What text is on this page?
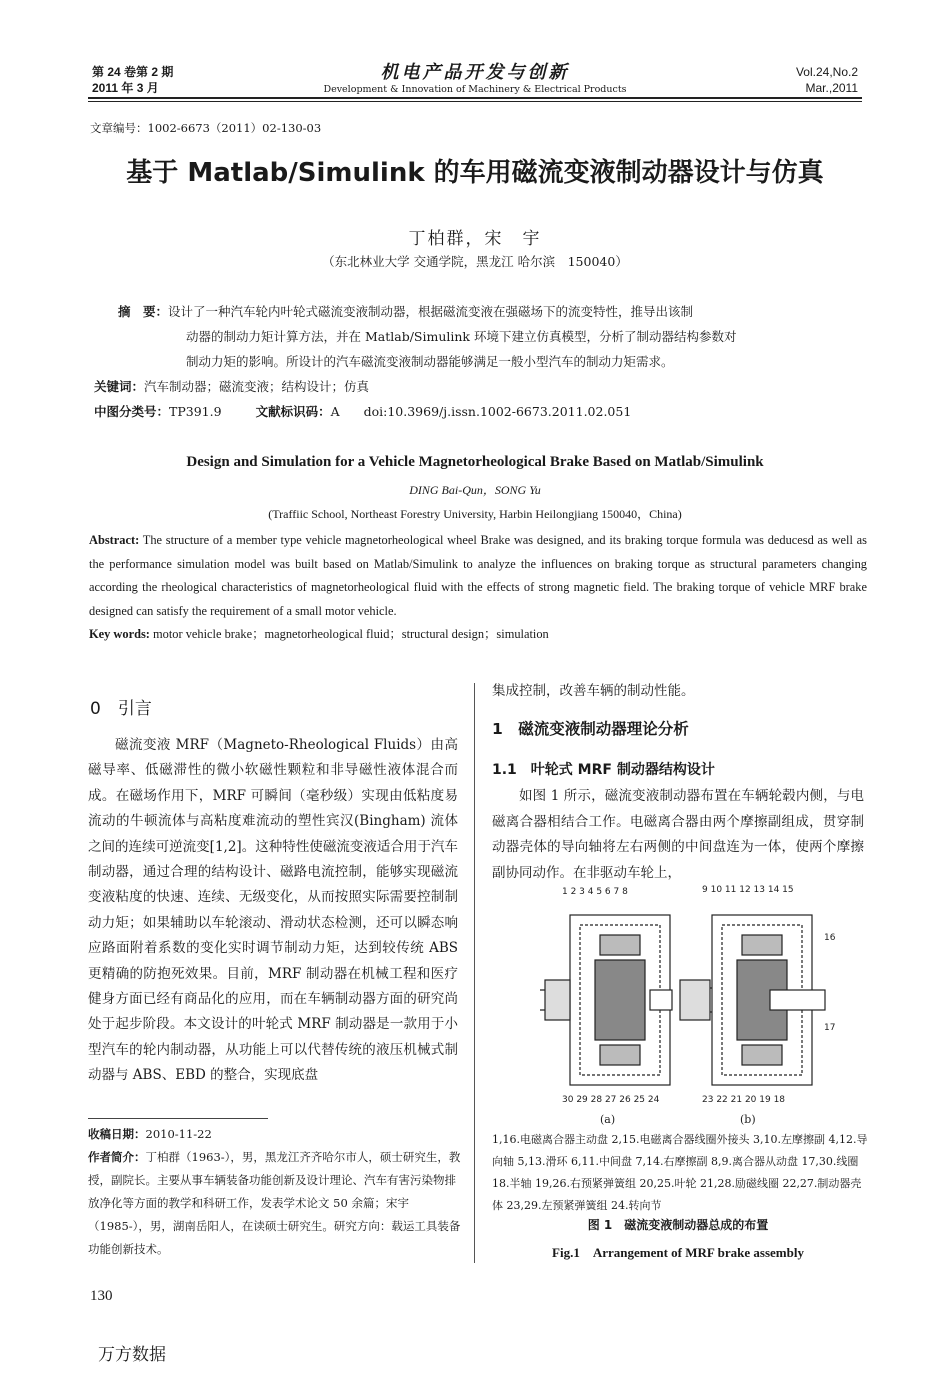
第 24 卷第 2 期
2011 年 3 月
机电产品开发与创新
Development & Innovation of Machinery & Electrical Products
Vol.24,No.2
Mar.,2011
文章编号：1002-6673（2011）02-130-03
基于 Matlab/Simulink 的车用磁流变液制动器设计与仿真
丁柏群，宋　宇
（东北林业大学 交通学院，黑龙江 哈尔滨　150040）

摘　要：设计了一种汽车轮内叶轮式磁流变液制动器，根据磁流变液在强磁场下的流变特性，推导出该制

动器的制动力矩计算方法，并在 Matlab/Simulink 环境下建立仿真模型，分析了制动器结构参数对

制动力矩的影响。所设计的汽车磁流变液制动器能够满足一般小型汽车的制动力矩需求。

关键词：汽车制动器；磁流变液；结构设计；仿真

中图分类号：TP391.9	文献标识码：A doi:10.3969/j.issn.1002-6673.2011.02.051

Design and Simulation for a Vehicle Magnetorheological Brake Based on Matlab/Simulink
DING Bai-Qun，SONG Yu
(Traffiic School, Northeast Forestry University, Harbin Heilongjiang 150040，China)

Abstract: The structure of a member type vehicle magnetorheological wheel Brake was designed, and its braking torque formula was deducesd as well as the performance simulation model was built based on Matlab/Simulink to analyze the influences on braking torque as structural parameters changing according the rheological characteristics of magnetorheological fluid with the effects of strong magnetic field. The braking torque of vehicle MRF brake designed can satisfy the requirement of a small motor vehicle.

Key words: motor vehicle brake；magnetorheological fluid；structural design；simulation

0　引言

磁流变液 MRF（Magneto-Rheological Fluids）由高磁导率、低磁滞性的微小软磁性颗粒和非导磁性液体混合而成。在磁场作用下，MRF 可瞬间（毫秒级）实现由低粘度易流动的牛顿流体与高粘度难流动的塑性宾汉(Bingham) 流体之间的连续可逆流变[1,2]。这种特性使磁流变液适合用于汽车制动器，通过合理的结构设计、磁路电流控制，能够实现磁流变液粘度的快速、连续、无级变化，从而按照实际需要控制制动力矩；如果辅助以车轮滚动、滑动状态检测，还可以瞬态响应路面附着系数的变化实时调节制动力矩，达到较传统 ABS 更精确的防抱死效果。目前，MRF 制动器在机械工程和医疗健身方面已经有商品化的应用，而在车辆制动器方面的研究尚处于起步阶段。本文设计的叶轮式 MRF 制动器是一款用于小型汽车的轮内制动器，从功能上可以代替传统的液压机械式制动器与 ABS、EBD 的整合，实现底盘

收稿日期：2010-11-22

作者简介：丁柏群（1963-），男，黑龙江齐齐哈尔市人，硕士研究生，教授，副院长。主要从事车辆装备功能创新及设计理论、汽车有害污染物排放净化等方面的教学和科研工作，发表学术论文 50 余篇；宋宇（1985-），男，湖南岳阳人，在读硕士研究生。研究方向：载运工具装备功能创新技术。

集成控制，改善车辆的制动性能。
1　磁流变液制动器理论分析
1.1　叶轮式 MRF 制动器结构设计

如图 1 所示，磁流变液制动器布置在车辆轮毂内侧，与电磁离合器相结合工作。电磁离合器由两个摩擦副组成，贯穿制动器壳体的导向轴将左右两侧的中间盘连为一体，使两个摩擦副协同动作。在非驱动车轮上，

1 2 3 4 5 6 7 8	9 10 11 12 13 14 15
16
17
30 29 28 27 26 25 24	23 22 21 20 19 18
(a)	(b)
1,16.电磁离合器主动盘 2,15.电磁离合器线圈外接头 3,10.左摩擦副 4,12.导向轴 5,13.滑环 6,11.中间盘 7,14.右摩擦副 8,9.离合器从动盘 17,30.线圈 18.半轴 19,26.右预紧弹簧组 20,25.叶轮 21,28.励磁线圈 22,27.制动器壳体 23,29.左预紧弹簧组 24.转向节
图 1　磁流变液制动器总成的布置
Fig.1　Arrangement of MRF brake assembly
130
万方数据
